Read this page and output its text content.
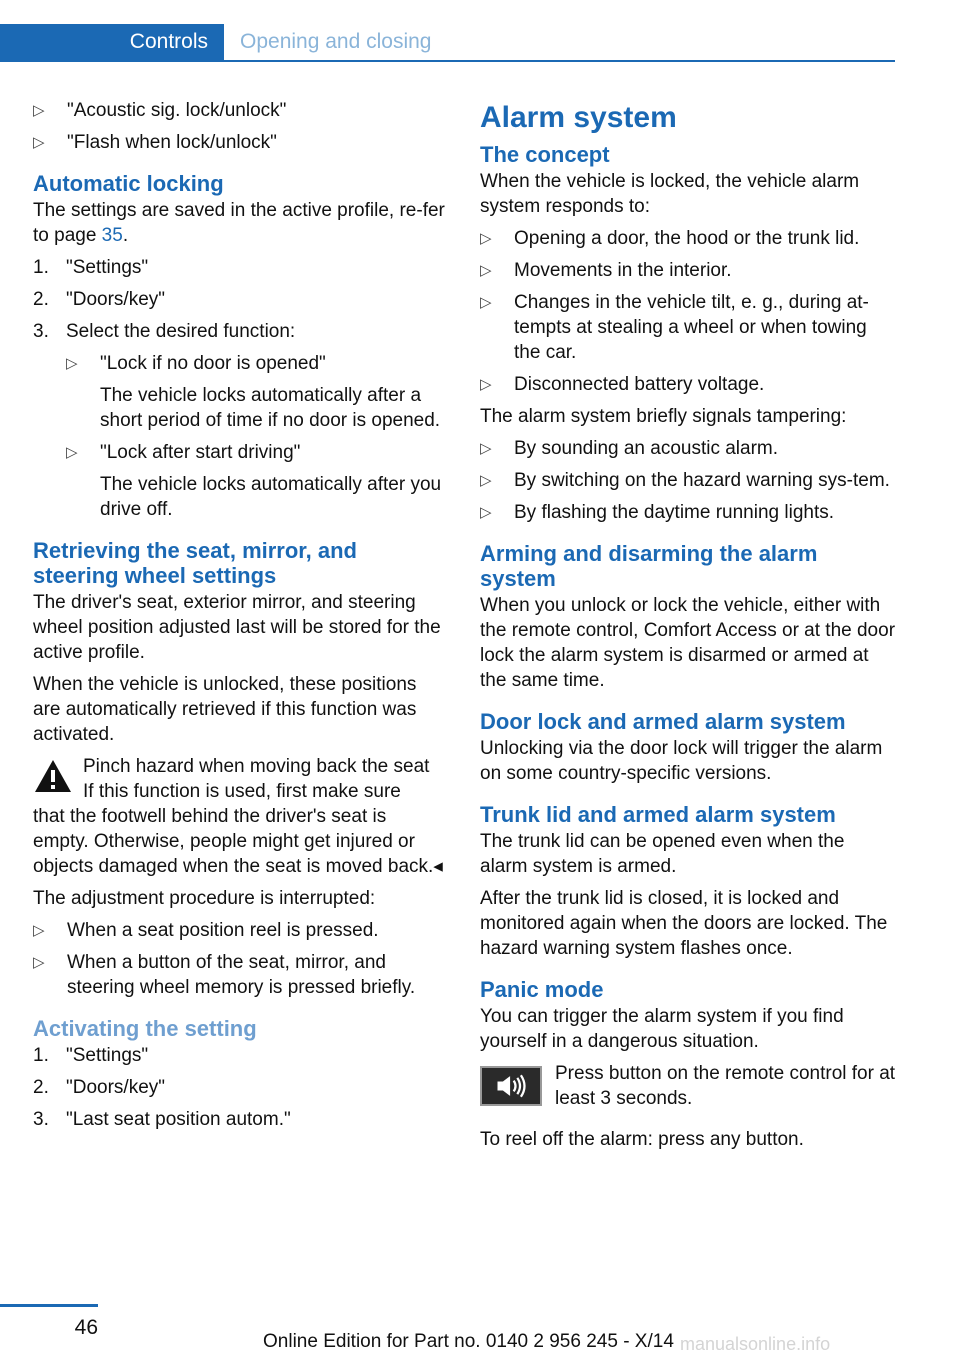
Controls	Opening and closing
▷ "Acoustic sig. lock/unlock"
▷ "Flash when lock/unlock"
Automatic locking

The settings are saved in the active profile, re‐fer to page 35.

1. "Settings"
2. "Doors/key"
3. Select the desired function:
▷ "Lock if no door is opened"
The vehicle locks automatically after a short period of time if no door is opened.
▷ "Lock after start driving"
The vehicle locks automatically after you drive off.
Retrieving the seat, mirror, and steering wheel settings

The driver's seat, exterior mirror, and steering wheel position adjusted last will be stored for the active profile.

When the vehicle is unlocked, these positions are automatically retrieved if this function was activated.

Pinch hazard when moving back the seat

If this function is used, first make sure

that the footwell behind the driver's seat is empty. Otherwise, people might get injured or objects damaged when the seat is moved back.◂

The adjustment procedure is interrupted:

▷ When a seat position reel is pressed.
▷ When a button of the seat, mirror, and steering wheel memory is pressed briefly.
Activating the setting
1. "Settings"
2. "Doors/key"
3. "Last seat position autom."
Alarm system
The concept

When the vehicle is locked, the vehicle alarm system responds to:

▷ Opening a door, the hood or the trunk lid.
▷ Movements in the interior.
▷ Changes in the vehicle tilt, e. g., during at‐tempts at stealing a wheel or when towing the car.
▷ Disconnected battery voltage.

The alarm system briefly signals tampering:

▷ By sounding an acoustic alarm.
▷ By switching on the hazard warning sys‐tem.
▷ By flashing the daytime running lights.
Arming and disarming the alarm system

When you unlock or lock the vehicle, either with the remote control, Comfort Access or at the door lock the alarm system is disarmed or armed at the same time.

Door lock and armed alarm system

Unlocking via the door lock will trigger the alarm on some country-specific versions.

Trunk lid and armed alarm system

The trunk lid can be opened even when the alarm system is armed.

After the trunk lid is closed, it is locked and monitored again when the doors are locked. The hazard warning system flashes once.

Panic mode

You can trigger the alarm system if you find yourself in a dangerous situation.

Press button on the remote control for at least 3 seconds.

To reel off the alarm: press any button.

46
Online Edition for Part no. 0140 2 956 245 - X/14 manualsonline.info
